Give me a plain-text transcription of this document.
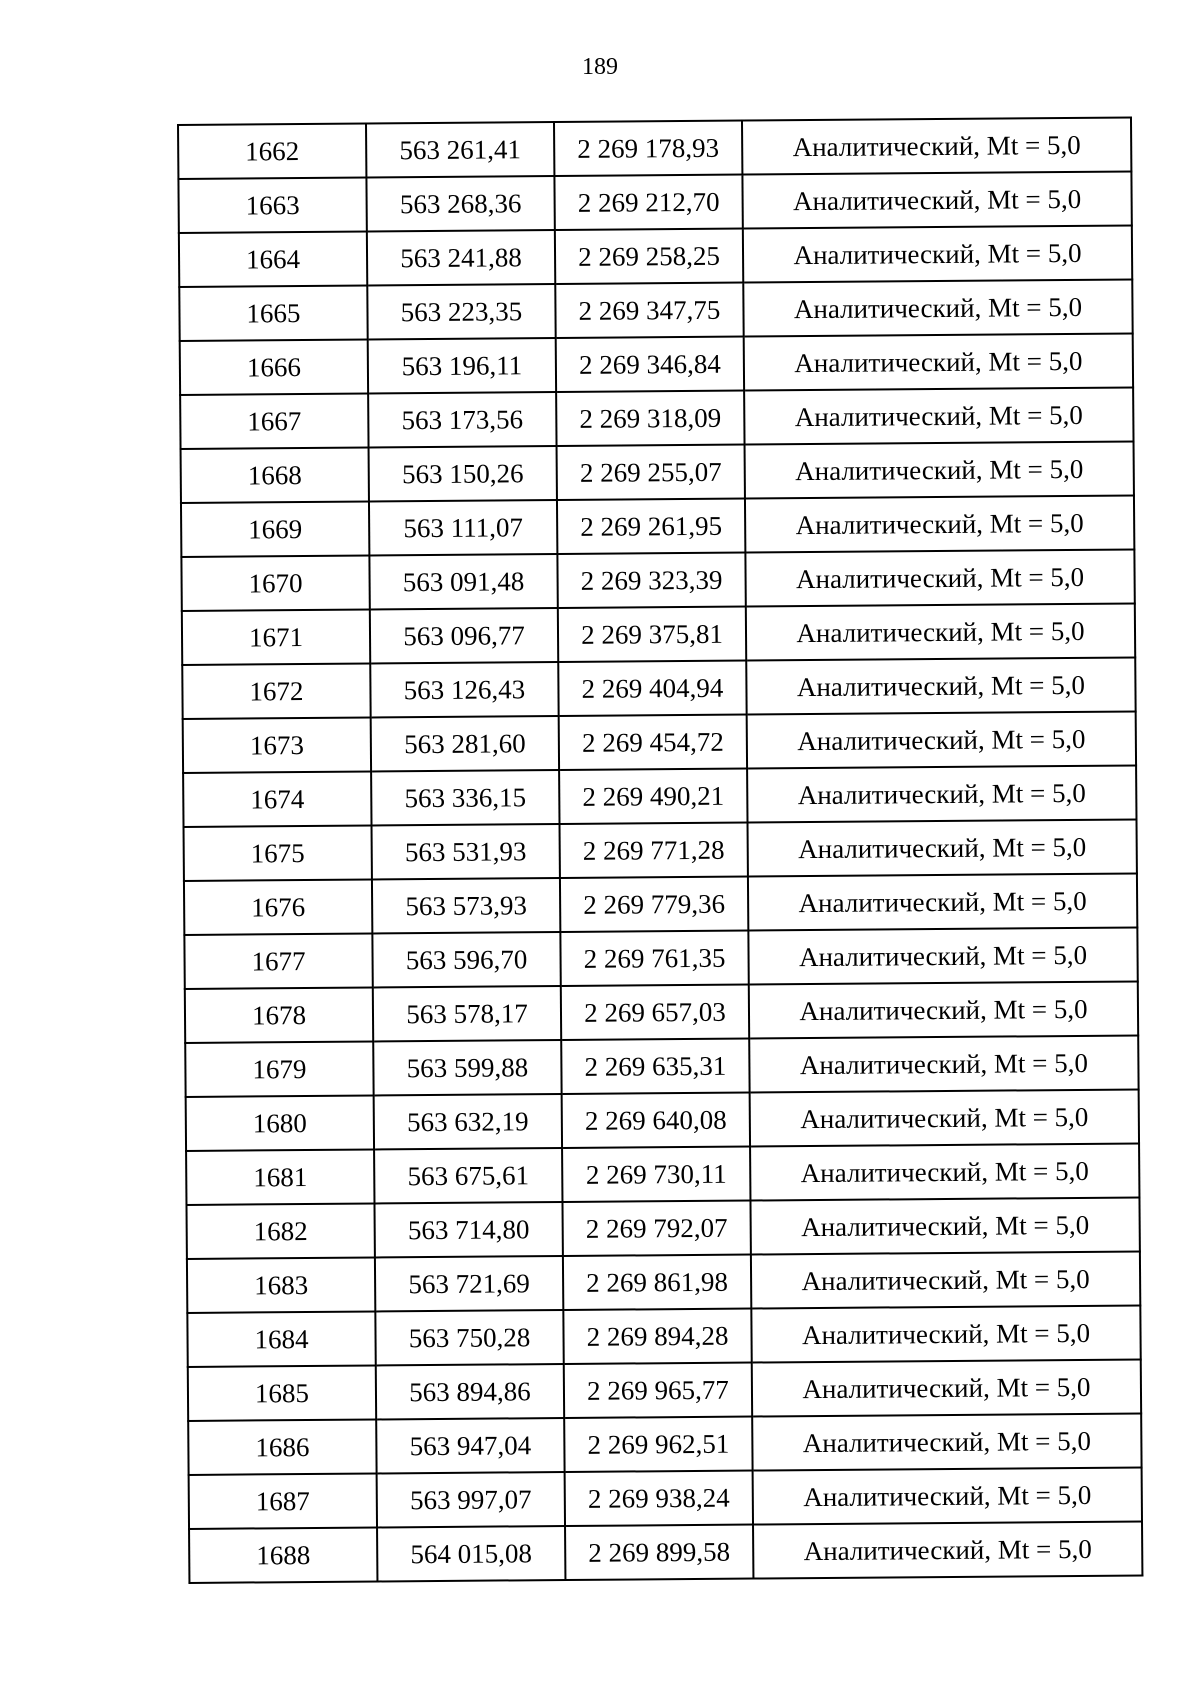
189
1662	563 261,41	2 269 178,93	Аналитический, Mt = 5,0
1663	563 268,36	2 269 212,70	Аналитический, Mt = 5,0
1664	563 241,88	2 269 258,25	Аналитический, Mt = 5,0
1665	563 223,35	2 269 347,75	Аналитический, Mt = 5,0
1666	563 196,11	2 269 346,84	Аналитический, Mt = 5,0
1667	563 173,56	2 269 318,09	Аналитический, Mt = 5,0
1668	563 150,26	2 269 255,07	Аналитический, Mt = 5,0
1669	563 111,07	2 269 261,95	Аналитический, Mt = 5,0
1670	563 091,48	2 269 323,39	Аналитический, Mt = 5,0
1671	563 096,77	2 269 375,81	Аналитический, Mt = 5,0
1672	563 126,43	2 269 404,94	Аналитический, Mt = 5,0
1673	563 281,60	2 269 454,72	Аналитический, Mt = 5,0
1674	563 336,15	2 269 490,21	Аналитический, Mt = 5,0
1675	563 531,93	2 269 771,28	Аналитический, Mt = 5,0
1676	563 573,93	2 269 779,36	Аналитический, Mt = 5,0
1677	563 596,70	2 269 761,35	Аналитический, Mt = 5,0
1678	563 578,17	2 269 657,03	Аналитический, Mt = 5,0
1679	563 599,88	2 269 635,31	Аналитический, Mt = 5,0
1680	563 632,19	2 269 640,08	Аналитический, Mt = 5,0
1681	563 675,61	2 269 730,11	Аналитический, Mt = 5,0
1682	563 714,80	2 269 792,07	Аналитический, Mt = 5,0
1683	563 721,69	2 269 861,98	Аналитический, Mt = 5,0
1684	563 750,28	2 269 894,28	Аналитический, Mt = 5,0
1685	563 894,86	2 269 965,77	Аналитический, Mt = 5,0
1686	563 947,04	2 269 962,51	Аналитический, Mt = 5,0
1687	563 997,07	2 269 938,24	Аналитический, Mt = 5,0
1688	564 015,08	2 269 899,58	Аналитический, Mt = 5,0
